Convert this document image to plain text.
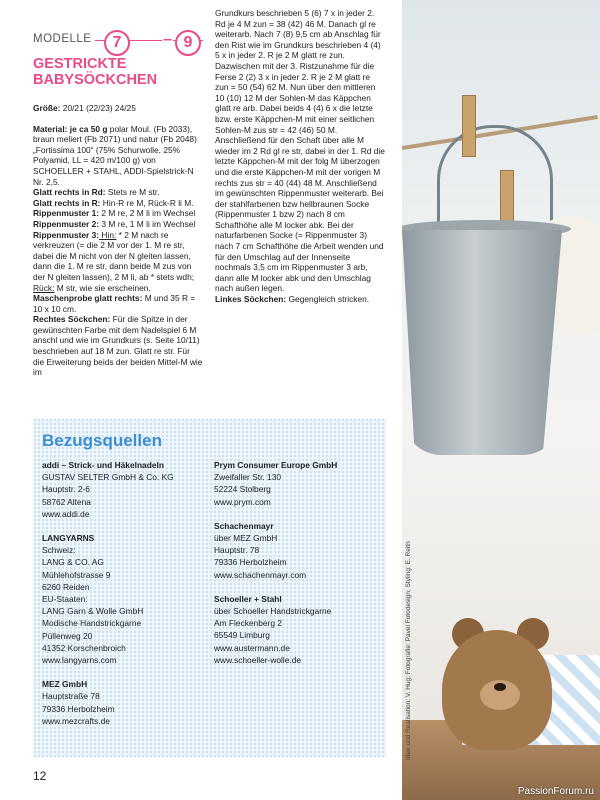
MODELLE	7	– 9
GESTRICKTE
BABYSÖCKCHEN

Größe: 20/21 (22/23) 24/25

Material: je ca 50 g polar Moul. (Fb 2033), braun meliert (Fb 2071) und natur (Fb 2048) „Fortissima 100“ (75% Schurwolle, 25% Polyamid, LL = 420 m/100 g) von SCHOELLER + STAHL, ADDI-Spielstrick-N Nr. 2,5.

Glatt rechts in Rd: Stets re M str.

Glatt rechts in R: Hin-R re M, Rück-R li M.

Rippenmuster 1: 2 M re, 2 M li im Wechsel

Rippenmuster 2: 3 M re, 1 M li im Wechsel

Rippenmuster 3: Hin: * 2 M nach re verkreuzen (= die 2 M vor der 1. M re str, dabei die M nicht von der N gleiten lassen, dann die 1. M re str, dann beide M zus von der N gleiten lassen), 2 M li, ab * stets wdh; Rück: M str, wie sie erscheinen.

Maschenprobe glatt rechts: M und 35 R = 10 x 10 cm.

Rechtes Söckchen: Für die Spitze in der gewünschten Farbe mit dem Nadelspiel 6 M anschl und wie im Grundkurs (s. Seite 10/11) beschrieben auf 18 M zun. Glatt re str. Für die Erweiterung beids der beiden Mittel-M wie im

Grundkurs beschrieben 5 (6) 7 x in jeder 2. Rd je 4 M zun = 38 (42) 46 M. Danach gl re weiterarb. Nach 7 (8) 9,5 cm ab Anschlag für den Rist wie im Grundkurs beschrieben 4 (4) 5 x in jeder 2. R je 2 M glatt re zun. Dazwischen mit der 3. Ristzunahme für die Ferse 2 (2) 3 x in jeder 2. R je 2 M glatt re zun = 50 (54) 62 M. Nun über den mittleren 10 (10) 12 M der Sohlen-M das Käppchen glatt re arb. Dabei beids 4 (4) 6 x die letzte bzw. erste Käppchen-M mit einer seitlichen Sohlen-M zus str = 42 (46) 50 M. Anschließend für den Schaft über alle M wieder im 2 Rd gl re str, dabei in der 1. Rd die letzte Käppchen-M mit der folg M überzogen und die erste Käppchen-M mit der vorigen M rechts zus str = 40 (44) 48 M. Anschließend im gewünschten Rippenmuster weiterarb. Bei der stahlfarbenen bzw hellbraunen Socke (Rippenmuster 1 bzw 2) nach 8 cm Schafthöhe alle M locker abk. Bei der naturfarbenen Socke (= Rippenmuster 3) nach 7 cm Schafthöhe die Arbeit wenden und für den Umschlag auf der Innenseite nochmals 3,5 cm im Rippenmuster 3 arb, dann alle M locker abk und den Umschlag nach außen legen.

Linkes Söckchen: Gegengleich stricken.

Idee und Realisation: V. Hug; Fotografie: Pavel Fotodesign; Styling: E. Reith
PassionForum.ru
Bezugsquellen
addi – Strick- und Häkelnadeln
GUSTAV SELTER GmbH & Co. KG
Hauptstr. 2-6
58762 Altena
www.addi.de
LANGYARNS
Schweiz:
LANG & CO. AG
Mühlehofstrasse 9
6260 Reiden
EU-Staaten:
LANG Garn & Wolle GmbH
Modische Handstrickgarne
Püllenweg 20
41352 Korschenbroich
www.langyarns.com
MEZ GmbH
Hauptstraße 78
79336 Herbolzheim
www.mezcrafts.de
Prym Consumer Europe GmbH
Zweifaller Str. 130
52224 Stolberg
www.prym.com
Schachenmayr
über MEZ GmbH
Hauptstr. 78
79336 Herbolzheim
www.schachenmayr.com
Schoeller + Stahl
über Schoeller Handstrickgarne
Am Fleckenberg 2
65549 Limburg
www.austermann.de
www.schoeller-wolle.de
12
